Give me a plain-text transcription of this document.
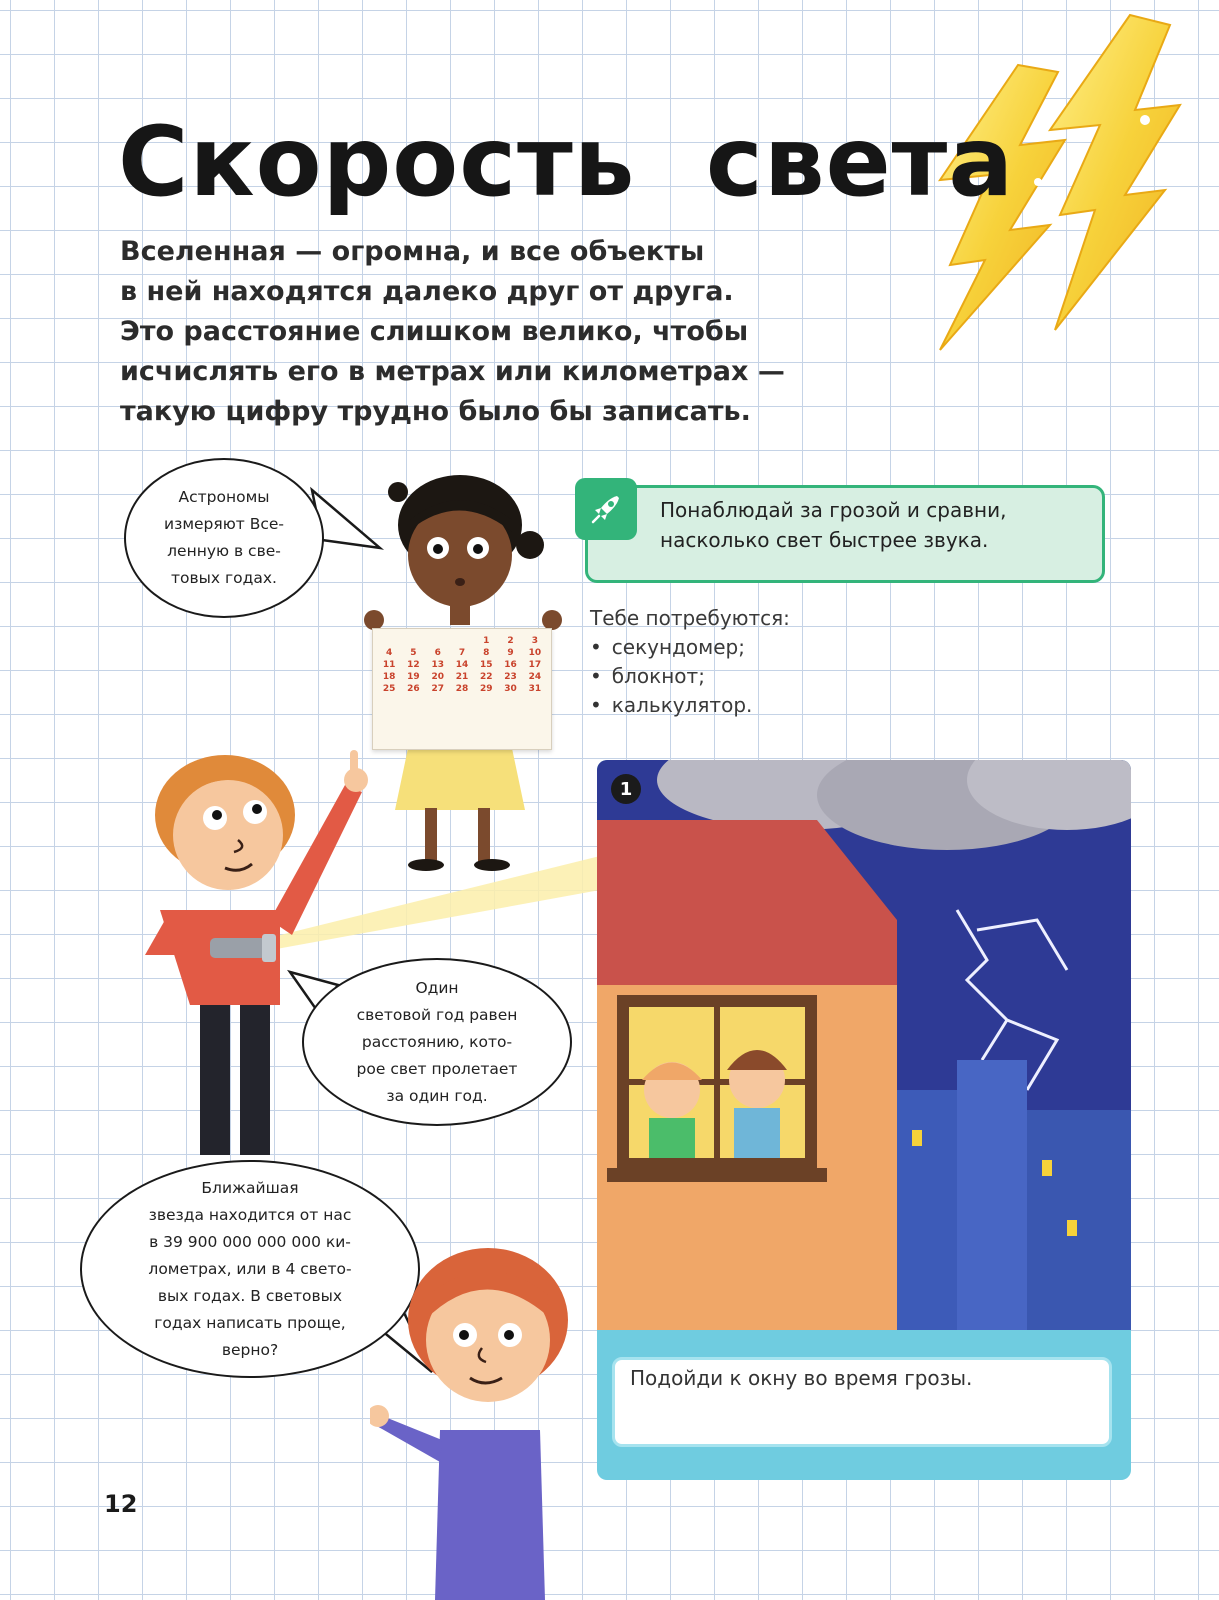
Скорость света

Вселенная — огромна, и все объекты
в ней находятся далеко друг от друга.
Это расстояние слишком велико, чтобы
исчислять его в метрах или километрах —
такую цифру трудно было бы записать.

Астрономы
измеряют Все-
ленную в све-
товых годах.
				1	2	3
4	5	6	7	8	9	10
11	12	13	14	15	16	17
18	19	20	21	22	23	24
25	26	27	28	29	30	31

Понаблюдай за грозой и сравни,
насколько свет быстрее звука.

Тебе потребуются:
• секундомер;
• блокнот;
• калькулятор.
Один
световой год равен
расстоянию, кото-
рое свет пролетает
за один год.
1

Подойди к окну во время грозы.

Ближайшая
звезда находится от нас
в 39 900 000 000 000 ки-
лометрах, или в 4 свето-
вых годах. В световых
годах написать проще,
верно?

12
